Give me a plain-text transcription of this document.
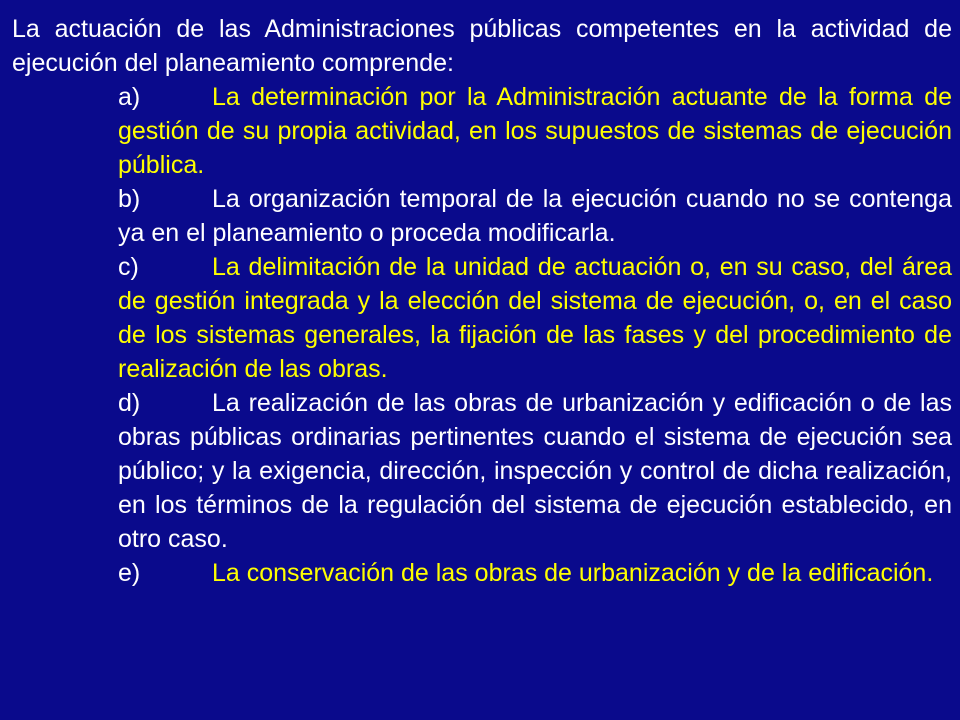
La actuación de las Administraciones públicas competentes en la actividad de ejecución del planeamiento comprende:

a)	La determinación por la Administración actuante de la forma de gestión de su propia actividad, en los supuestos de sistemas de ejecución pública.
b)	La organización temporal de la ejecución cuando no se contenga ya en el planeamiento o proceda modificarla.
c)	La delimitación de la unidad de actuación o, en su caso, del área de gestión integrada y la elección del sistema de ejecución, o, en el caso de los sistemas generales, la fijación de las fases y del procedimiento de realización de las obras.
d)	La realización de las obras de urbanización y edificación o de las obras públicas ordinarias pertinentes cuando el sistema de ejecución sea público; y la exigencia, dirección, inspección y control de dicha realización, en los términos de la regulación del sistema de ejecución establecido, en otro caso.
e)	La conservación de las obras de urbanización y de la edificación.
